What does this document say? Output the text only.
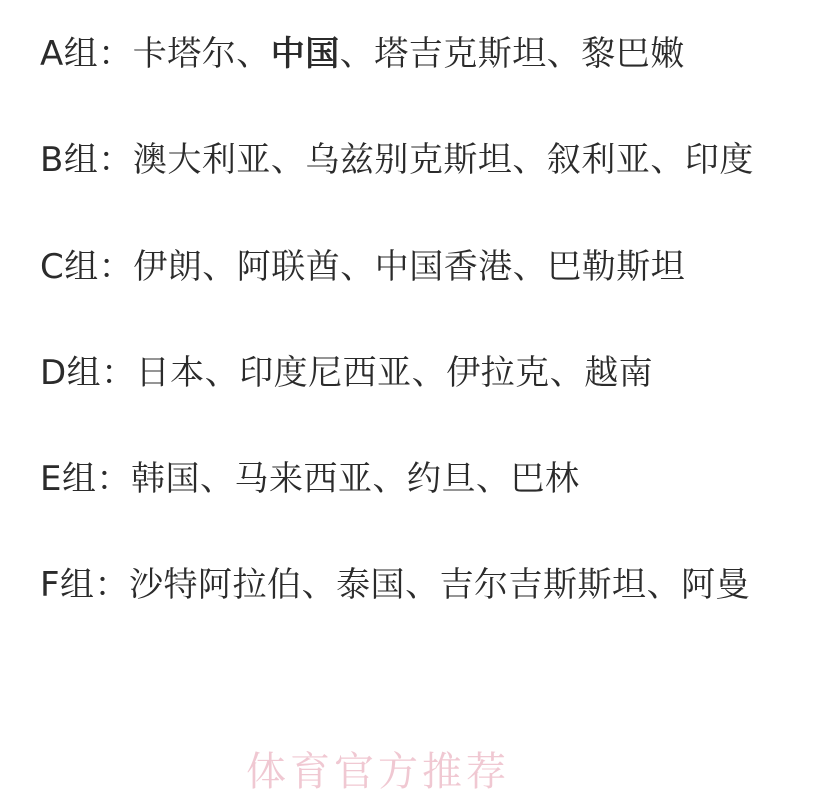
A组：卡塔尔、中国、塔吉克斯坦、黎巴嫩
B组：澳大利亚、乌兹别克斯坦、叙利亚、印度
C组：伊朗、阿联酋、中国香港、巴勒斯坦
D组：日本、印度尼西亚、伊拉克、越南
E组：韩国、马来西亚、约旦、巴林
F组：沙特阿拉伯、泰国、吉尔吉斯斯坦、阿曼
体育官方推荐
